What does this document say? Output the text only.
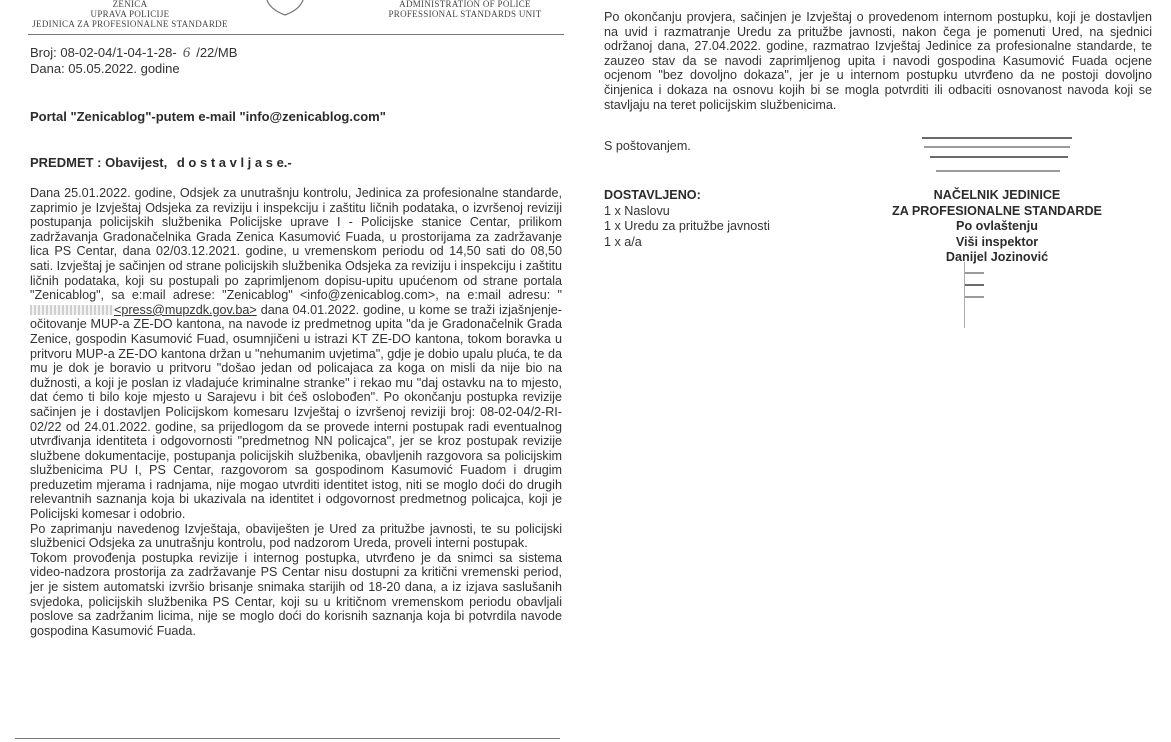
ZENICA
UPRAVA POLICIJE
JEDINICA ZA PROFESIONALNE STANDARDE
ADMINISTRATION OF POLICE
PROFESSIONAL STANDARDS UNIT
Broj: 08-02-04/1-04-1-28- 6 /22/MB
Dana: 05.05.2022. godine
Portal "Zenicablog"-putem e-mail "info@zenicablog.com"
PREDMET : Obavijest, d o s t a v l j a s e.-

Dana 25.01.2022. godine, Odsjek za unutrašnju kontrolu, Jedinica za profesionalne standarde, zaprimio je Izvještaj Odsjeka za reviziju i inspekciju i zaštitu ličnih podataka, o izvršenoj reviziji postupanja policijskih službenika Policijske uprave I - Policijske stanice Centar, prilikom zadržavanja Gradonačelnika Grada Zenica Kasumović Fuada, u prostorijama za zadržavanje lica PS Centar, dana 02/03.12.2021. godine, u vremenskom periodu od 14,50 sati do 08,50 sati. Izvještaj je sačinjen od strane policijskih službenika Odsjeka za reviziju i inspekciju i zaštitu ličnih podataka, koji su postupali po zaprimljenom dopisu-upitu upućenom od strane portala "Zenicablog", sa e:mail adrese: "Zenicablog" <info@zenicablog.com>, na e:mail adresu: "<press@mupzdk.gov.ba> dana 04.01.2022. godine, u kome se traži izjašnjenje-očitovanje MUP-a ZE-DO kantona, na navode iz predmetnog upita "da je Gradonačelnik Grada Zenice, gospodin Kasumović Fuad, osumnjičeni u istrazi KT ZE-DO kantona, tokom boravka u pritvoru MUP-a ZE-DO kantona držan u "nehumanim uvjetima", gdje je dobio upalu pluća, te da mu je dok je boravio u pritvoru "došao jedan od policajaca za koga on misli da nije bio na dužnosti, a koji je poslan iz vladajuće kriminalne stranke" i rekao mu "daj ostavku na to mjesto, dat ćemo ti bilo koje mjesto u Sarajevu i bit ćeš oslobođen". Po okončanju postupka revizije sačinjen je i dostavljen Policijskom komesaru Izvještaj o izvršenoj reviziji broj: 08-02-04/2-RI-02/22 od 24.01.2022. godine, sa prijedlogom da se provede interni postupak radi eventualnog utvrđivanja identiteta i odgovornosti "predmetnog NN policajca", jer se kroz postupak revizije službene dokumentacije, postupanja policijskih službenika, obavljenih razgovora sa policijskim službenicima PU I, PS Centar, razgovorom sa gospodinom Kasumović Fuadom i drugim preduzetim mjerama i radnjama, nije mogao utvrditi identitet istog, niti se moglo doći do drugih relevantnih saznanja koja bi ukazivala na identitet i odgovornost predmetnog policajca, koji je Policijski komesar i odobrio.

Po zaprimanju navedenog Izvještaja, obaviješten je Ured za pritužbe javnosti, te su policijski službenici Odsjeka za unutrašnju kontrolu, pod nadzorom Ureda, proveli interni postupak.

Tokom provođenja postupka revizije i internog postupka, utvrđeno je da snimci sa sistema video-nadzora prostorija za zadržavanje PS Centar nisu dostupni za kritični vremenski period, jer je sistem automatski izvršio brisanje snimaka starijih od 18-20 dana, a iz izjava saslušanih svjedoka, policijskih službenika PS Centar, koji su u kritičnom vremenskom periodu obavljali poslove sa zadržanim licima, nije se moglo doći do korisnih saznanja koja bi potvrdila navode gospodina Kasumović Fuada.

Po okončanju provjera, sačinjen je Izvještaj o provedenom internom postupku, koji je dostavljen na uvid i razmatranje Uredu za pritužbe javnosti, nakon čega je pomenuti Ured, na sjednici održanoj dana, 27.04.2022. godine, razmatrao Izvještaj Jedinice za profesionalne standarde, te zauzeo stav da se navodi zaprimljenog upita i navodi gospodina Kasumović Fuada ocjene ocjenom "bez dovoljno dokaza", jer je u internom postupku utvrđeno da ne postoji dovoljno činjenica i dokaza na osnovu kojih bi se mogla potvrditi ili odbaciti osnovanost navoda koji se stavljaju na teret policijskim službenicima.
S poštovanjem.
DOSTAVLJENO:
1 x Naslovu
1 x Uredu za pritužbe javnosti
1 x a/a
NAČELNIK JEDINICE
ZA PROFESIONALNE STANDARDE
Po ovlaštenju
Viši inspektor
Danijel Jozinović
